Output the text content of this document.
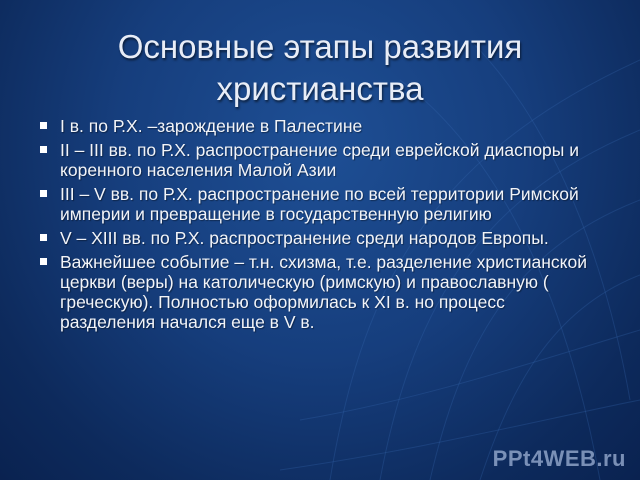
Основные этапы развития
христианства
I в. по Р.Х. –зарождение в Палестине
II – III вв. по Р.Х. распространение среди еврейской диаспоры и коренного населения Малой Азии
III – V вв. по Р.Х. распространение по всей территории Римской империи и превращение в государственную религию
V – XIII вв. по Р.Х. распространение среди народов Европы.
Важнейшее событие – т.н. схизма, т.е. разделение христианской церкви (веры) на католическую (римскую) и православную ( греческую). Полностью оформилась к XI в. но процесс разделения начался еще в V в.
PPt4WEB.ru
